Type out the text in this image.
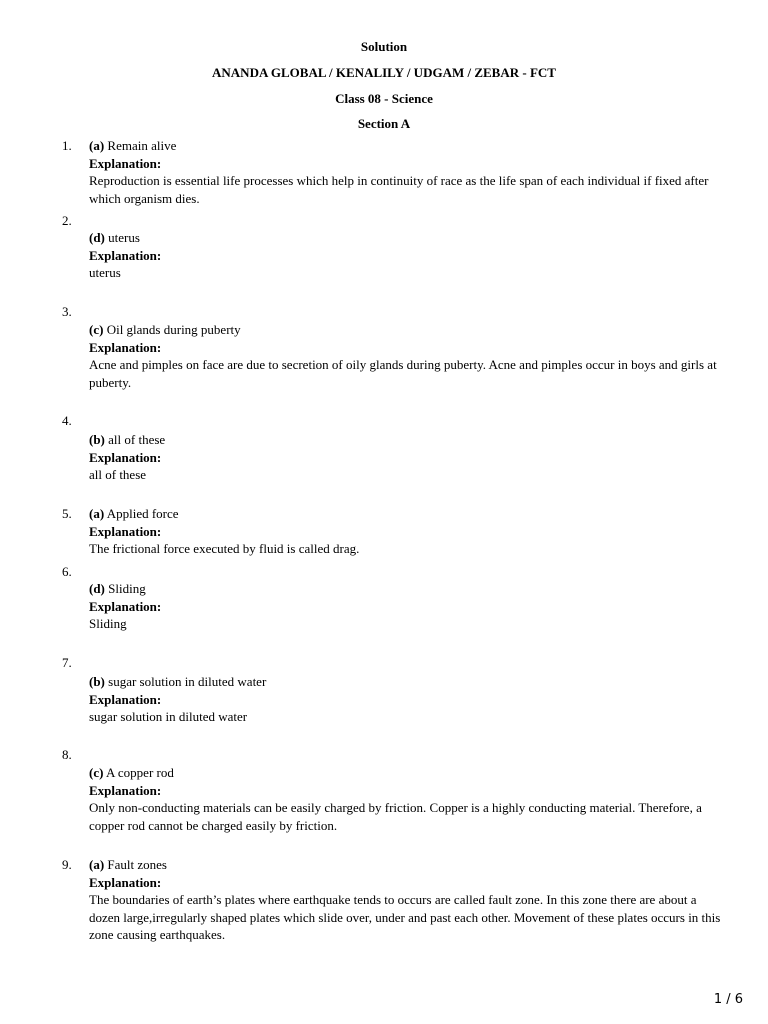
Solution
ANANDA GLOBAL / KENALILY / UDGAM / ZEBAR - FCT
Class 08 - Science
Section A
1. (a) Remain alive
Explanation:
Reproduction is essential life processes which help in continuity of race as the life span of each individual if fixed after which organism dies.
2.
(d) uterus
Explanation:
uterus
3.
(c) Oil glands during puberty
Explanation:
Acne and pimples on face are due to secretion of oily glands during puberty. Acne and pimples occur in boys and girls at puberty.
4.
(b) all of these
Explanation:
all of these
5. (a) Applied force
Explanation:
The frictional force executed by fluid is called drag.
6.
(d) Sliding
Explanation:
Sliding
7.
(b) sugar solution in diluted water
Explanation:
sugar solution in diluted water
8.
(c) A copper rod
Explanation:
Only non-conducting materials can be easily charged by friction. Copper is a highly conducting material. Therefore, a copper rod cannot be charged easily by friction.
9. (a) Fault zones
Explanation:
The boundaries of earth’s plates where earthquake tends to occurs are called fault zone. In this zone there are about a dozen large,irregularly shaped plates which slide over, under and past each other. Movement of these plates occurs in this zone causing earthquakes.
1 / 6
